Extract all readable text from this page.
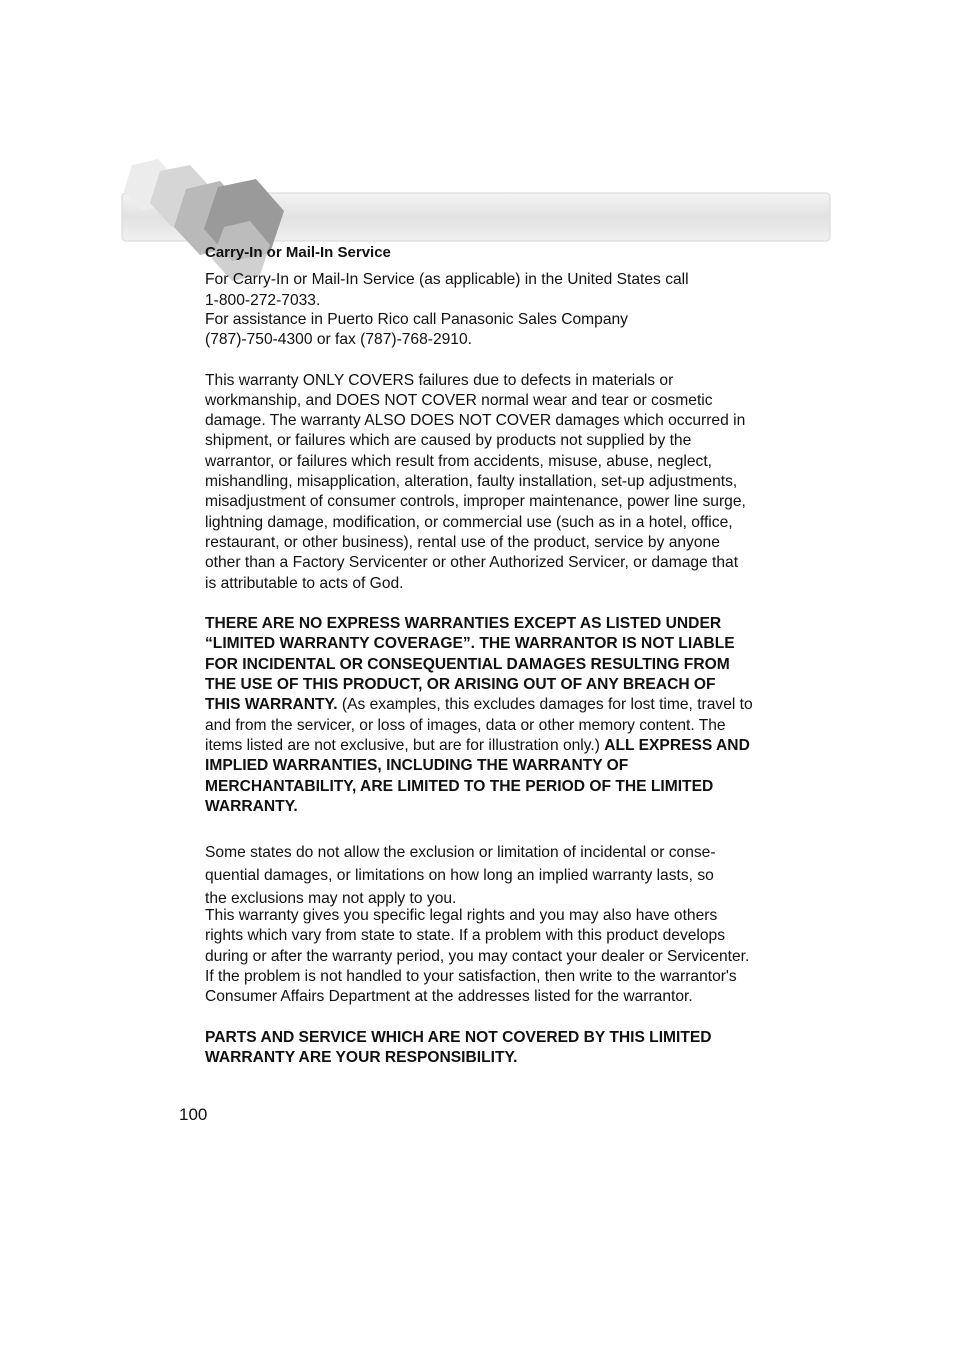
Carry-In or Mail-In Service

For Carry-In or Mail-In Service (as applicable) in the United States call

1-800-272-7033.

For assistance in Puerto Rico call Panasonic Sales Company

(787)-750-4300 or fax (787)-768-2910.

This warranty ONLY COVERS failures due to defects in materials or workmanship, and DOES NOT COVER normal wear and tear or cosmetic damage. The warranty ALSO DOES NOT COVER damages which occurred in shipment, or failures which are caused by products not supplied by the warrantor, or failures which result from accidents, misuse, abuse, neglect, mishandling, misapplication, alteration, faulty installation, set-up adjustments, misadjustment of consumer controls, improper maintenance, power line surge, lightning damage, modification, or commercial use (such as in a hotel, office, restaurant, or other business), rental use of the product, service by anyone other than a Factory Servicenter or other Authorized Servicer, or damage that is attributable to acts of God.

THERE ARE NO EXPRESS WARRANTIES EXCEPT AS LISTED UNDER “LIMITED WARRANTY COVERAGE”. THE WARRANTOR IS NOT LIABLE FOR INCIDENTAL OR CONSEQUENTIAL DAMAGES RESULTING FROM THE USE OF THIS PRODUCT, OR ARISING OUT OF ANY BREACH OF THIS WARRANTY. (As examples, this excludes damages for lost time, travel to and from the servicer, or loss of images, data or other memory content. The items listed are not exclusive, but are for illustration only.) ALL EXPRESS AND IMPLIED WARRANTIES, INCLUDING THE WARRANTY OF MERCHANTABILITY, ARE LIMITED TO THE PERIOD OF THE LIMITED WARRANTY.

Some states do not allow the exclusion or limitation of incidental or conse-

quential damages, or limitations on how long an implied warranty lasts, so

the exclusions may not apply to you.

This warranty gives you specific legal rights and you may also have others rights which vary from state to state. If a problem with this product develops during or after the warranty period, you may contact your dealer or Servicenter. If the problem is not handled to your satisfaction, then write to the warrantor's Consumer Affairs Department at the addresses listed for the warrantor.

PARTS AND SERVICE WHICH ARE NOT COVERED BY THIS LIMITED WARRANTY ARE YOUR RESPONSIBILITY.

100
